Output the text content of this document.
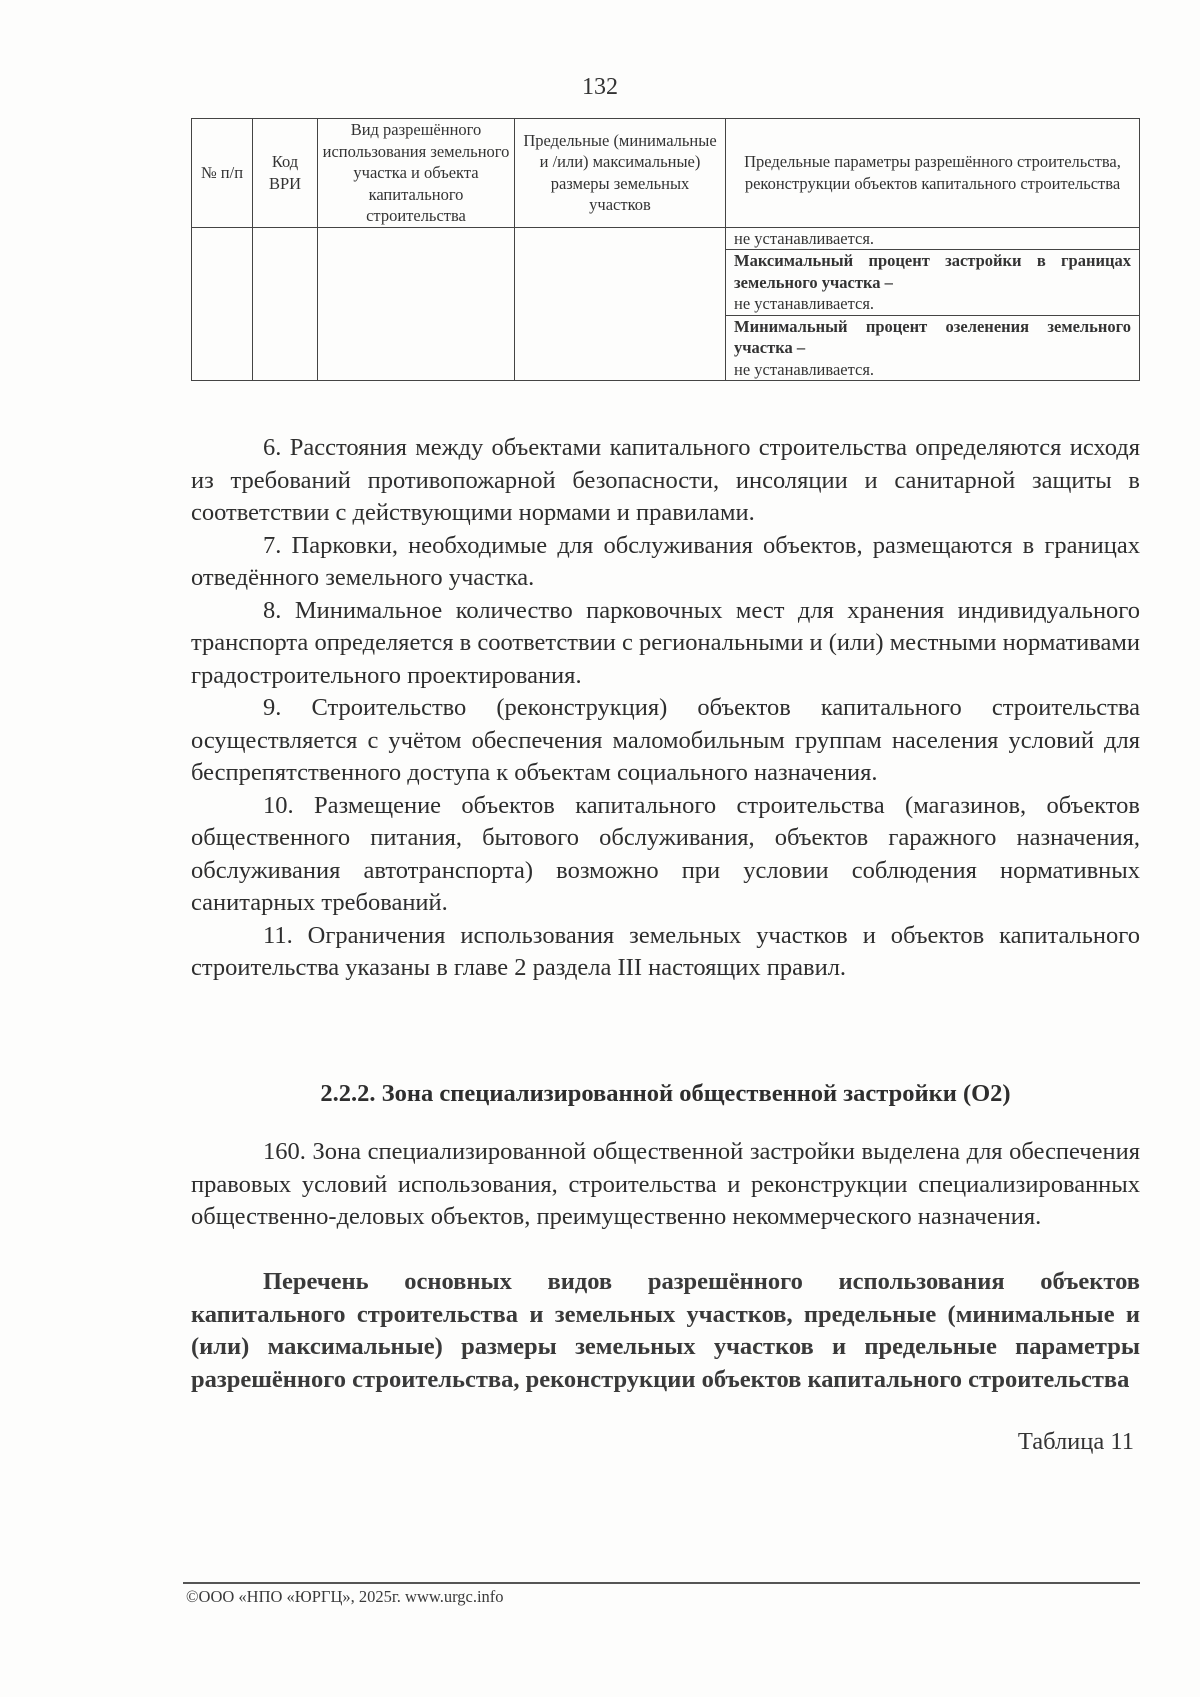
132
№ п/п	Код ВРИ	Вид разрешённого использования земельного участка и объекта капитального строительства	Предельные (минимальные и /или) максимальные) размеры земельных участков	Предельные параметры разрешённого строительства, реконструкции объектов капитального строительства

				не устанавливается.

				Максимальный процент застройки в границах земельного участка –
не устанавливается.

				Минимальный процент озеленения земельного участка –
не устанавливается.

6. Расстояния между объектами капитального строительства определяются исходя из требований противопожарной безопасности, инсоляции и санитарной защиты в соответствии с действующими нормами и правилами.

7. Парковки, необходимые для обслуживания объектов, размещаются в границах отведённого земельного участка.

8. Минимальное количество парковочных мест для хранения индивидуального транспорта определяется в соответствии с региональными и (или) местными нормативами градостроительного проектирования.

9. Строительство (реконструкция) объектов капитального строительства осуществляется с учётом обеспечения маломобильным группам населения условий для беспрепятственного доступа к объектам социального назначения.

10. Размещение объектов капитального строительства (магазинов, объектов общественного питания, бытового обслуживания, объектов гаражного назначения, обслуживания автотранспорта) возможно при условии соблюдения нормативных санитарных требований.

11. Ограничения использования земельных участков и объектов капитального строительства указаны в главе 2 раздела III настоящих правил.

2.2.2. Зона специализированной общественной застройки (О2)

160. Зона специализированной общественной застройки выделена для обеспечения правовых условий использования, строительства и реконструкции специализированных общественно-деловых объектов, преимущественно некоммерческого назначения.

Перечень основных видов разрешённого использования объектов капитального строительства и земельных участков, предельные (минимальные и (или) максимальные) размеры земельных участков и предельные параметры разрешённого строительства, реконструкции объектов капитального строительства

Таблица 11
©ООО «НПО «ЮРГЦ», 2025г. www.urgc.info
